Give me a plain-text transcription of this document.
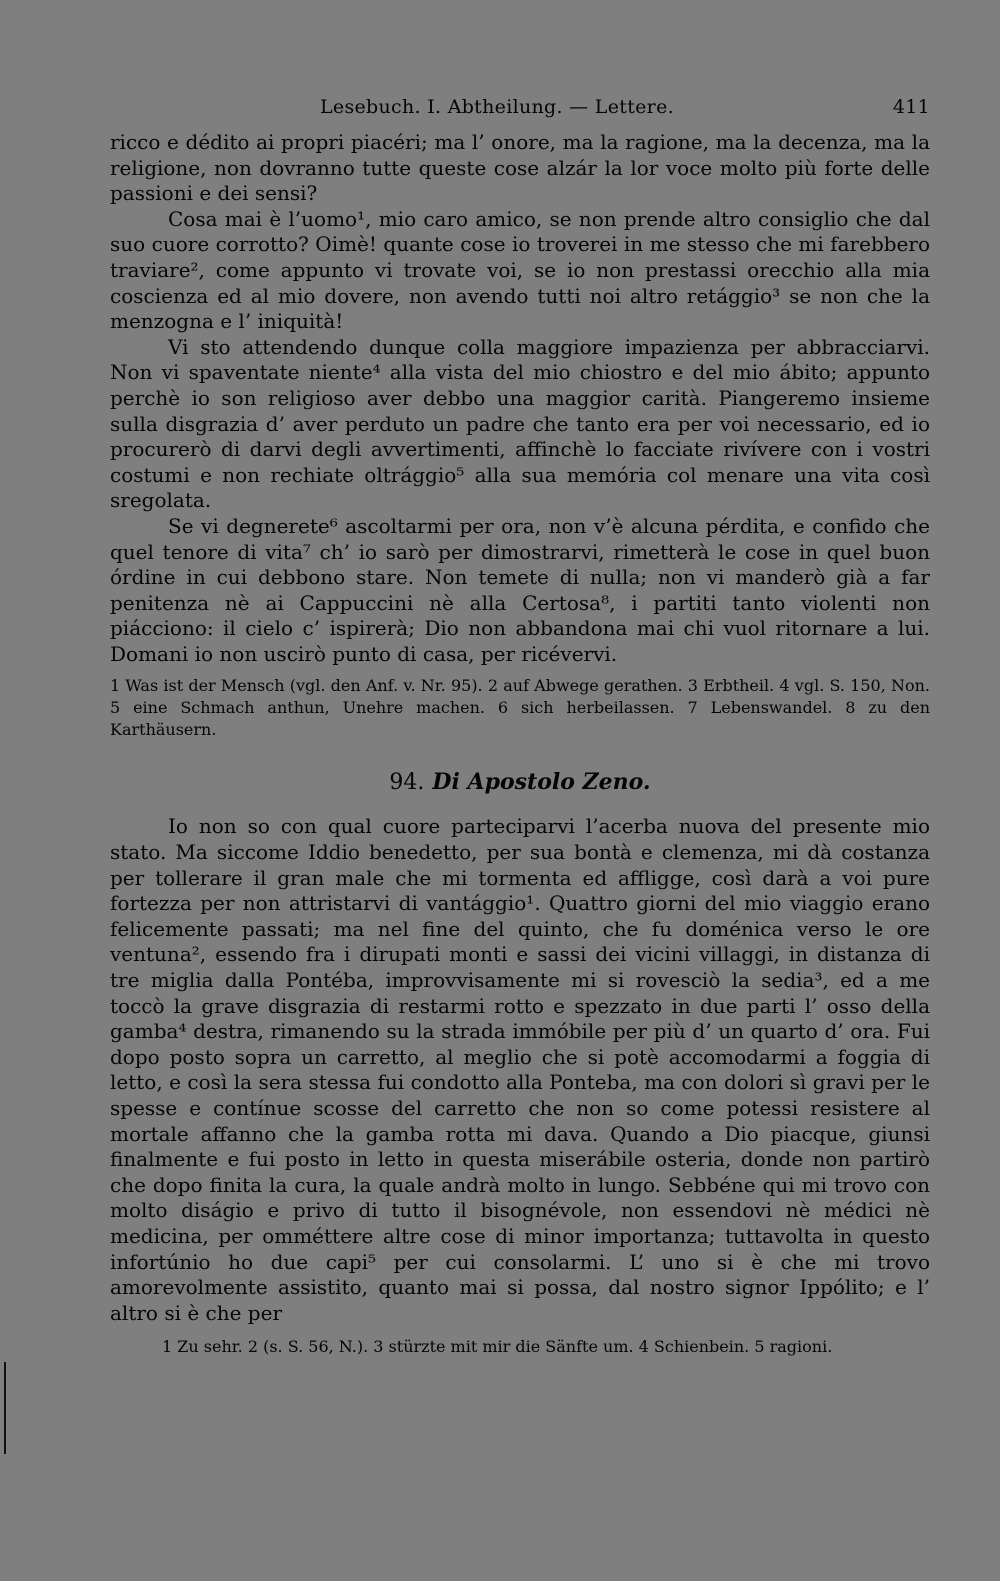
Lesebuch. I. Abtheilung. — Lettere.	411

ricco e dédito ai propri piacéri; ma l’ onore, ma la ragione, ma la decenza, ma la religione, non dovranno tutte queste cose alzár la lor voce molto più forte delle passioni e dei sensi?

Cosa mai è l’uomo¹, mio caro amico, se non prende altro consiglio che dal suo cuore corrotto? Oimè! quante cose io troverei in me stesso che mi farebbero traviare², come appunto vi trovate voi, se io non prestassi orecchio alla mia coscienza ed al mio dovere, non avendo tutti noi altro retággio³ se non che la menzogna e l’ iniquità!

Vi sto attendendo dunque colla maggiore impazienza per abbracciarvi. Non vi spaventate niente⁴ alla vista del mio chiostro e del mio ábito; appunto perchè io son religioso aver debbo una maggior carità. Piangeremo insieme sulla disgrazia d’ aver perduto un padre che tanto era per voi necessario, ed io procurerò di darvi degli avvertimenti, affinchè lo facciate rivívere con i vostri costumi e non rechiate oltrággio⁵ alla sua memória col menare una vita così sregolata.

Se vi degnerete⁶ ascoltarmi per ora, non v’è alcuna pérdita, e confido che quel tenore di vita⁷ ch’ io sarò per dimostrarvi, rimetterà le cose in quel buon órdine in cui debbono stare. Non temete di nulla; non vi manderò già a far penitenza nè ai Cappuccini nè alla Certosa⁸, i partiti tanto violenti non piácciono: il cielo c’ ispirerà; Dio non abbandona mai chi vuol ritornare a lui. Domani io non uscirò punto di casa, per ricévervi.

1 Was ist der Mensch (vgl. den Anf. v. Nr. 95). 2 auf Abwege gerathen. 3 Erbtheil. 4 vgl. S. 150, Non. 5 eine Schmach anthun, Unehre machen. 6 sich herbeilassen. 7 Lebenswandel. 8 zu den Karthäusern.

94. Di Apostolo Zeno.

Io non so con qual cuore parteciparvi l’acerba nuova del presente mio stato. Ma siccome Iddio benedetto, per sua bontà e clemenza, mi dà costanza per tollerare il gran male che mi tormenta ed affligge, così darà a voi pure fortezza per non attristarvi di vantággio¹. Quattro giorni del mio viaggio erano felicemente passati; ma nel fine del quinto, che fu doménica verso le ore ventuna², essendo fra i dirupati monti e sassi dei vicini villaggi, in distanza di tre miglia dalla Pontéba, improvvisamente mi si rovesciò la sedia³, ed a me toccò la grave disgrazia di restarmi rotto e spezzato in due parti l’ osso della gamba⁴ destra, rimanendo su la strada immóbile per più d’ un quarto d’ ora. Fui dopo posto sopra un carretto, al meglio che si potè accomodarmi a foggia di letto, e così la sera stessa fui condotto alla Ponteba, ma con dolori sì gravi per le spesse e contínue scosse del carretto che non so come potessi resistere al mortale affanno che la gamba rotta mi dava. Quando a Dio piacque, giunsi finalmente e fui posto in letto in questa miserábile osteria, donde non partirò che dopo finita la cura, la quale andrà molto in lungo. Sebbéne qui mi trovo con molto diságio e privo di tutto il bisognévole, non essendovi nè médici nè medicina, per omméttere altre cose di minor importanza; tuttavolta in questo infortúnio ho due capi⁵ per cui consolarmi. L’ uno si è che mi trovo amorevolmente assistito, quanto mai si possa, dal nostro signor Ippólito; e l’ altro si è che per

1 Zu sehr. 2 (s. S. 56, N.). 3 stürzte mit mir die Sänfte um. 4 Schienbein. 5 ragioni.
